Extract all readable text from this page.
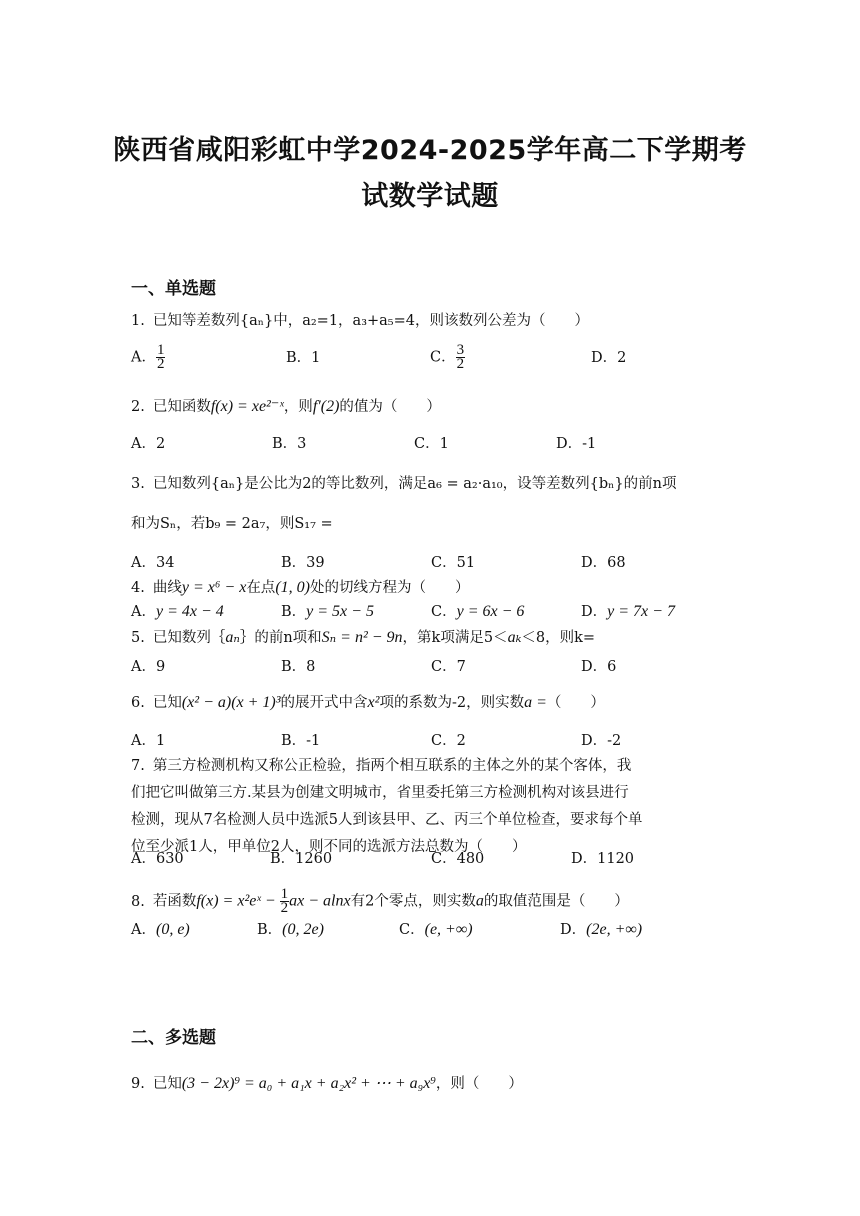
陕西省咸阳彩虹中学2024-2025学年高二下学期考
试数学试题
一、单选题
1. 已知等差数列{aₙ}中，a₂=1，a₃+a₅=4，则该数列公差为（　　）
A． $\frac{1}{2}$	B．1	C． $\frac{3}{2}$	D．2
2. 已知函数f(x) = xe²⁻ˣ，则f′(2)的值为（　　）
A．2	B．3	C．1	D．-1
3. 已知数列{aₙ}是公比为2的等比数列，满足a₆ = a₂·a₁₀，设等差数列{bₙ}的前n项
和为Sₙ，若b₉ = 2a₇，则S₁₇ =
A．34	B．39	C．51	D．68
4. 曲线y = x⁶ − x在点(1, 0)处的切线方程为（　　）
A．y = 4x − 4	B．y = 5x − 5	C．y = 6x − 6	D．y = 7x − 7
5. 已知数列｛aₙ｝的前n项和Sₙ = n² − 9n，第k项满足5＜aₖ＜8，则k=
A．9	B．8	C．7	D．6
6. 已知(x² − a)(x + 1)³的展开式中含x²项的系数为-2，则实数a =（　　）
A．1	B．-1	C．2	D．-2
7. 第三方检测机构又称公正检验，指两个相互联系的主体之外的某个客体，我
们把它叫做第三方.某县为创建文明城市，省里委托第三方检测机构对该县进行
检测，现从7名检测人员中选派5人到该县甲、乙、丙三个单位检查，要求每个单
位至少派1人，甲单位2人，则不同的选派方法总数为（　　）
A．630	B．1260	C．480	D．1120
8. 若函数f(x) = x²eˣ − $\frac{1}{2}$ ax − alnx有2个零点，则实数a的取值范围是（　　）
A．(0, e)	B．(0, 2e)	C．(e, +∞)	D．(2e, +∞)
二、多选题
9. 已知(3 − 2x)⁹ = a₀ + a₁x + a₂x² + ⋯ + a₉x⁹，则（　　）
